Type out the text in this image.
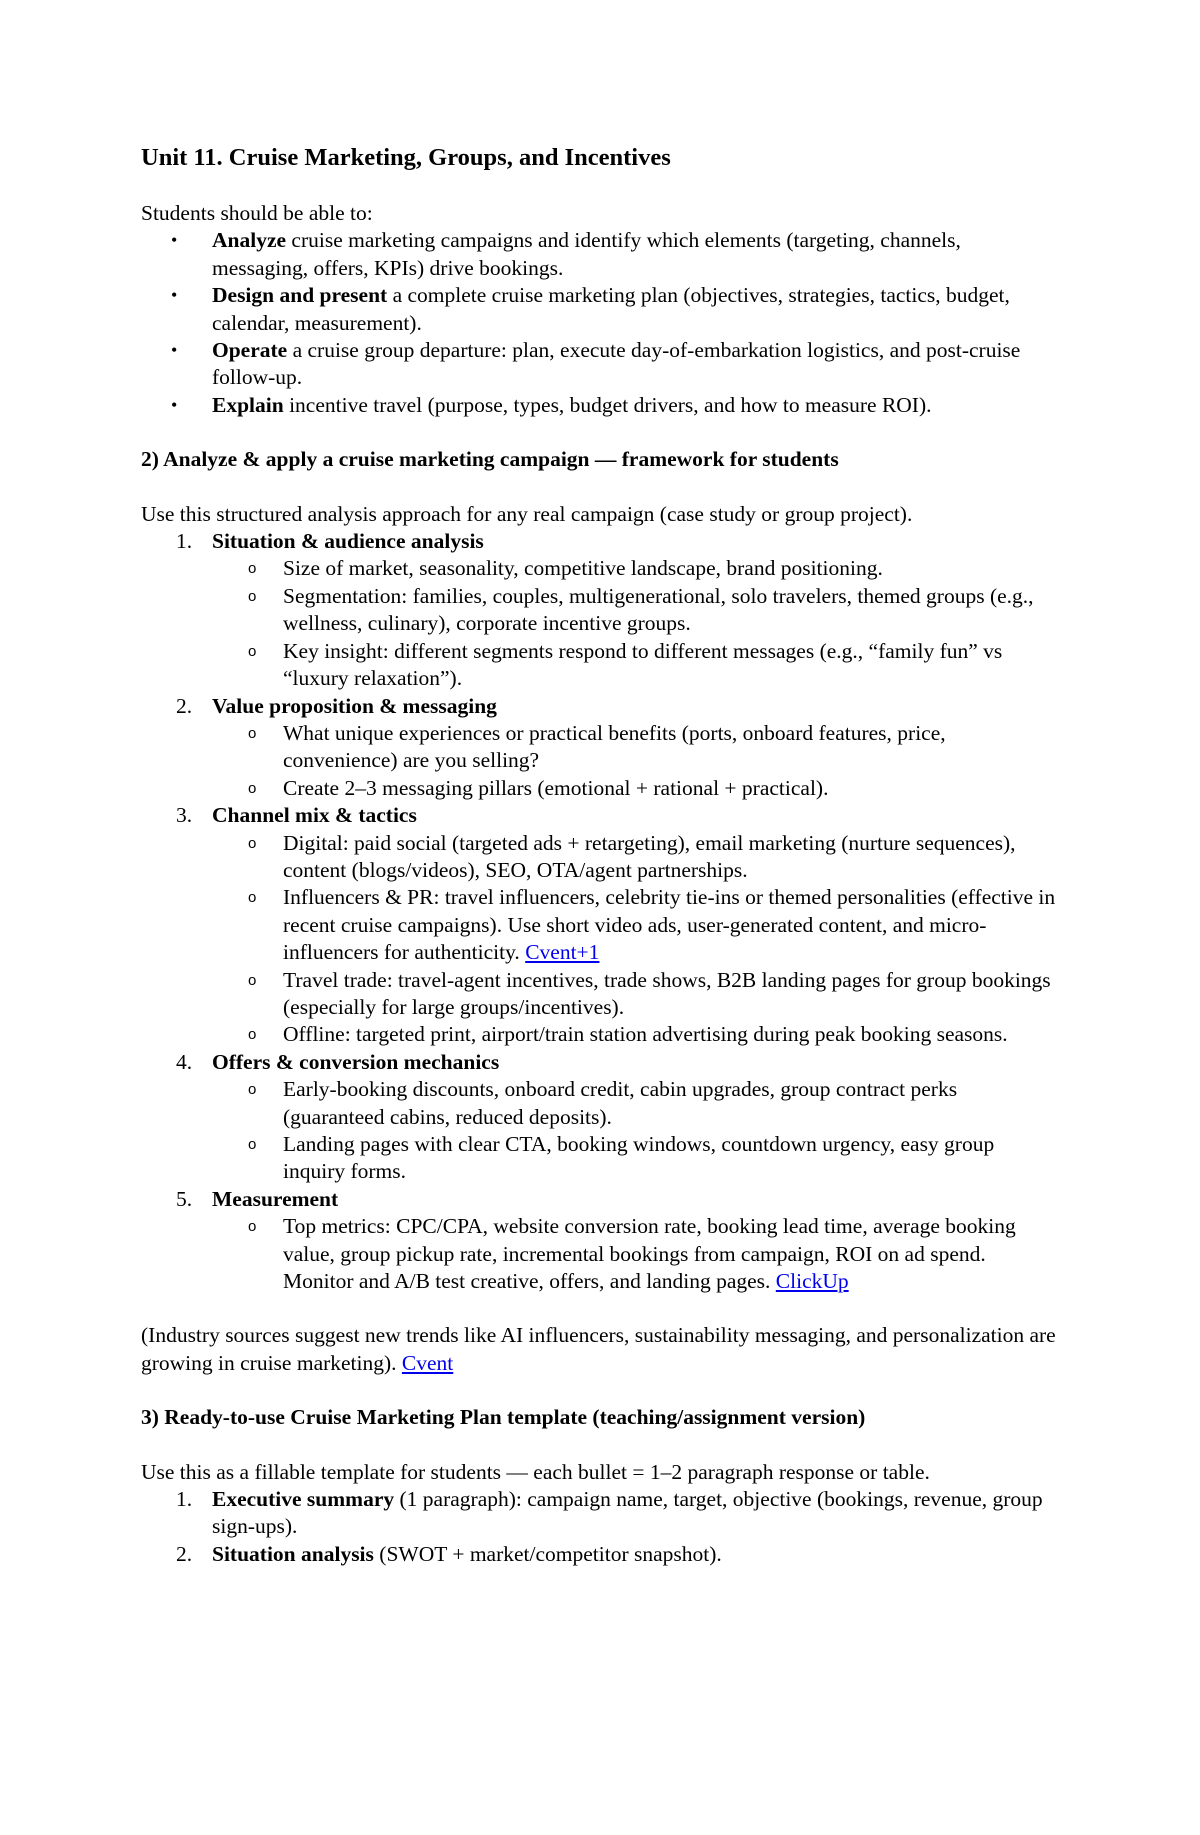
Unit 11. Cruise Marketing, Groups, and Incentives

Students should be able to:

• Analyze cruise marketing campaigns and identify which elements (targeting, channels, messaging, offers, KPIs) drive bookings.
• Design and present a complete cruise marketing plan (objectives, strategies, tactics, budget, calendar, measurement).
• Operate a cruise group departure: plan, execute day-of-embarkation logistics, and post-cruise follow-up.
• Explain incentive travel (purpose, types, budget drivers, and how to measure ROI).
2) Analyze & apply a cruise marketing campaign — framework for students

Use this structured analysis approach for any real campaign (case study or group project).

1. Situation & audience analysis
o Size of market, seasonality, competitive landscape, brand positioning.
o Segmentation: families, couples, multigenerational, solo travelers, themed groups (e.g., wellness, culinary), corporate incentive groups.
o Key insight: different segments respond to different messages (e.g., “family fun” vs “luxury relaxation”).
2. Value proposition & messaging
o What unique experiences or practical benefits (ports, onboard features, price, convenience) are you selling?
o Create 2–3 messaging pillars (emotional + rational + practical).
3. Channel mix & tactics
o Digital: paid social (targeted ads + retargeting), email marketing (nurture sequences), content (blogs/videos), SEO, OTA/agent partnerships.
o Influencers & PR: travel influencers, celebrity tie-ins or themed personalities (effective in recent cruise campaigns). Use short video ads, user-generated content, and micro-influencers for authenticity. Cvent+1
o Travel trade: travel-agent incentives, trade shows, B2B landing pages for group bookings (especially for large groups/incentives).
o Offline: targeted print, airport/train station advertising during peak booking seasons.
4. Offers & conversion mechanics
o Early-booking discounts, onboard credit, cabin upgrades, group contract perks (guaranteed cabins, reduced deposits).
o Landing pages with clear CTA, booking windows, countdown urgency, easy group inquiry forms.
5. Measurement
o Top metrics: CPC/CPA, website conversion rate, booking lead time, average booking value, group pickup rate, incremental bookings from campaign, ROI on ad spend. Monitor and A/B test creative, offers, and landing pages. ClickUp

(Industry sources suggest new trends like AI influencers, sustainability messaging, and personalization are growing in cruise marketing). Cvent

3) Ready-to-use Cruise Marketing Plan template (teaching/assignment version)

Use this as a fillable template for students — each bullet = 1–2 paragraph response or table.

1. Executive summary (1 paragraph): campaign name, target, objective (bookings, revenue, group sign-ups).
2. Situation analysis (SWOT + market/competitor snapshot).
